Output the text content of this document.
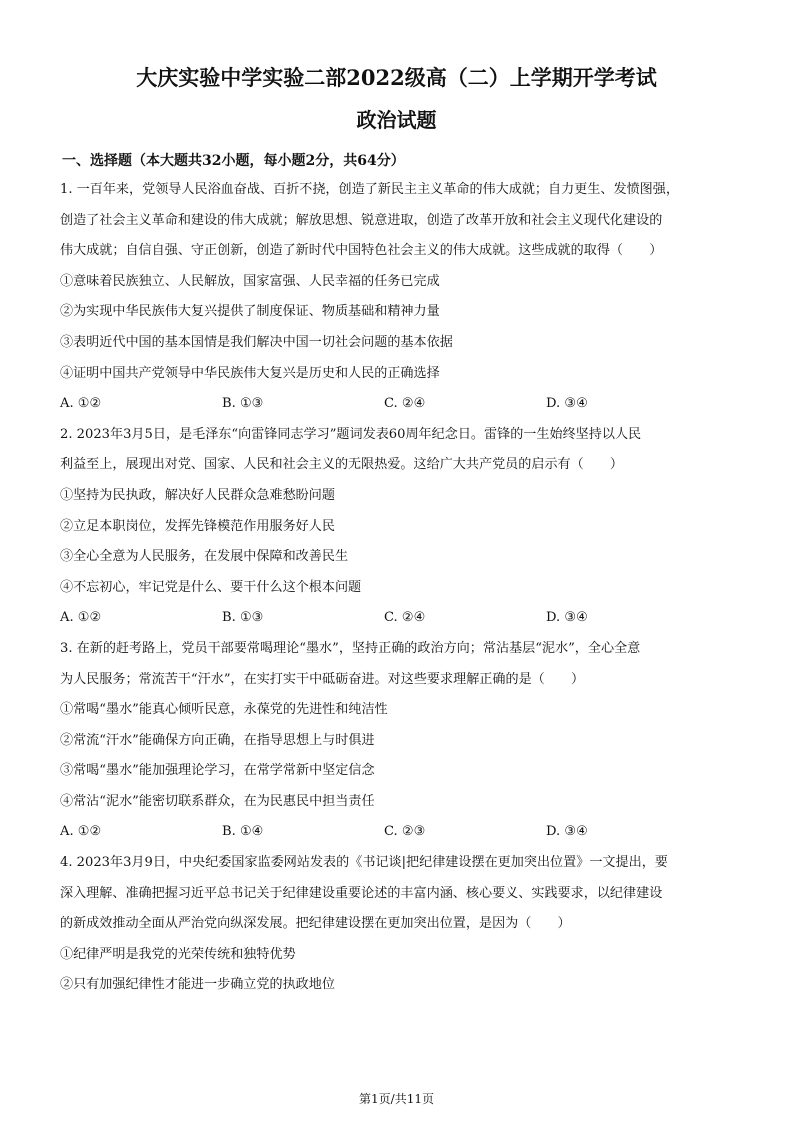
大庆实验中学实验二部2022级高（二）上学期开学考试
政治试题
一、选择题（本大题共32小题，每小题2分，共64分）
1. 一百年来，党领导人民浴血奋战、百折不挠，创造了新民主主义革命的伟大成就；自力更生、发愤图强，
创造了社会主义革命和建设的伟大成就；解放思想、锐意进取，创造了改革开放和社会主义现代化建设的
伟大成就；自信自强、守正创新，创造了新时代中国特色社会主义的伟大成就。这些成就的取得（　　）
①意味着民族独立、人民解放，国家富强、人民幸福的任务已完成
②为实现中华民族伟大复兴提供了制度保证、物质基础和精神力量
③表明近代中国的基本国情是我们解决中国一切社会问题的基本依据
④证明中国共产党领导中华民族伟大复兴是历史和人民的正确选择
A. ①②	B. ①③	C. ②④	D. ③④
2. 2023年3月5日，是毛泽东“向雷锋同志学习”题词发表60周年纪念日。雷锋的一生始终坚持以人民
利益至上，展现出对党、国家、人民和社会主义的无限热爱。这给广大共产党员的启示有（　　）
①坚持为民执政，解决好人民群众急难愁盼问题
②立足本职岗位，发挥先锋模范作用服务好人民
③全心全意为人民服务，在发展中保障和改善民生
④不忘初心，牢记党是什么、要干什么这个根本问题
A. ①②	B. ①③	C. ②④	D. ③④
3. 在新的赶考路上，党员干部要常喝理论“墨水”，坚持正确的政治方向；常沾基层“泥水”，全心全意
为人民服务；常流苦干“汗水”，在实打实干中砥砺奋进。对这些要求理解正确的是（　　）
①常喝“墨水”能真心倾听民意，永葆党的先进性和纯洁性
②常流“汗水”能确保方向正确，在指导思想上与时俱进
③常喝“墨水”能加强理论学习，在常学常新中坚定信念
④常沾“泥水”能密切联系群众，在为民惠民中担当责任
A. ①②	B. ①④	C. ②③	D. ③④
4. 2023年3月9日，中央纪委国家监委网站发表的《书记谈|把纪律建设摆在更加突出位置》一文提出，要
深入理解、准确把握习近平总书记关于纪律建设重要论述的丰富内涵、核心要义、实践要求，以纪律建设
的新成效推动全面从严治党向纵深发展。把纪律建设摆在更加突出位置，是因为（　　）
①纪律严明是我党的光荣传统和独特优势
②只有加强纪律性才能进一步确立党的执政地位
第1页/共11页
